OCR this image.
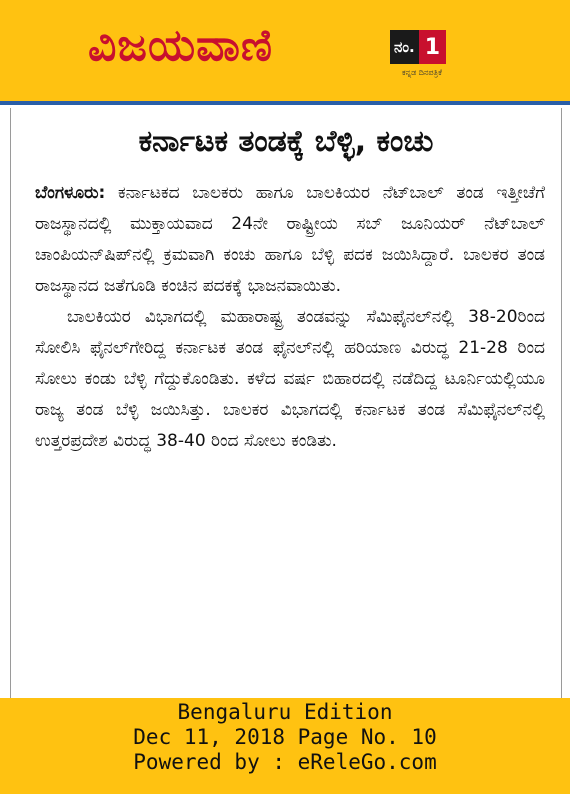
ವಿಜಯವಾಣಿ	ನಂ. 1
ಕನ್ನಡ ದಿನಪತ್ರಿಕೆ
ಕರ್ನಾಟಕ ತಂಡಕ್ಕೆ ಬೆಳ್ಳಿ, ಕಂಚು

ಬೆಂಗಳೂರು: ಕರ್ನಾಟಕದ ಬಾಲಕರು ಹಾಗೂ ಬಾಲಕಿಯರ ನೆಟ್‌ಬಾಲ್ ತಂಡ ಇತ್ತೀಚೆಗೆ ರಾಜಸ್ಥಾನದಲ್ಲಿ ಮುಕ್ತಾಯವಾದ 24ನೇ ರಾಷ್ಟ್ರೀಯ ಸಬ್ ಜೂನಿಯರ್ ನೆಟ್‌ಬಾಲ್ ಚಾಂಪಿಯನ್‌ಷಿಪ್‌ನಲ್ಲಿ ಕ್ರಮವಾಗಿ ಕಂಚು ಹಾಗೂ ಬೆಳ್ಳಿ ಪದಕ ಜಯಿಸಿದ್ದಾರೆ. ಬಾಲಕರ ತಂಡ ರಾಜಸ್ಥಾನದ ಜತೆಗೂಡಿ ಕಂಚಿನ ಪದಕಕ್ಕೆ ಭಾಜನವಾಯಿತು.

ಬಾಲಕಿಯರ ವಿಭಾಗದಲ್ಲಿ ಮಹಾರಾಷ್ಟ್ರ ತಂಡವನ್ನು ಸೆಮಿಫೈನಲ್‌ನಲ್ಲಿ 38-20ರಿಂದ ಸೋಲಿಸಿ ಫೈನಲ್‌ಗೇರಿದ್ದ ಕರ್ನಾಟಕ ತಂಡ ಫೈನಲ್‌ನಲ್ಲಿ ಹರಿಯಾಣ ವಿರುದ್ಧ 21-28 ರಿಂದ ಸೋಲು ಕಂಡು ಬೆಳ್ಳಿ ಗೆದ್ದುಕೊಂಡಿತು. ಕಳೆದ ವರ್ಷ ಬಿಹಾರದಲ್ಲಿ ನಡೆದಿದ್ದ ಟೂರ್ನಿಯಲ್ಲಿಯೂ ರಾಜ್ಯ ತಂಡ ಬೆಳ್ಳಿ ಜಯಿಸಿತ್ತು. ಬಾಲಕರ ವಿಭಾಗದಲ್ಲಿ ಕರ್ನಾಟಕ ತಂಡ ಸೆಮಿಫೈನಲ್‌ನಲ್ಲಿ ಉತ್ತರಪ್ರದೇಶ ವಿರುದ್ಧ 38-40 ರಿಂದ ಸೋಲು ಕಂಡಿತು.

Bengaluru Edition
Dec 11, 2018 Page No. 10
Powered by : eReleGo.com
